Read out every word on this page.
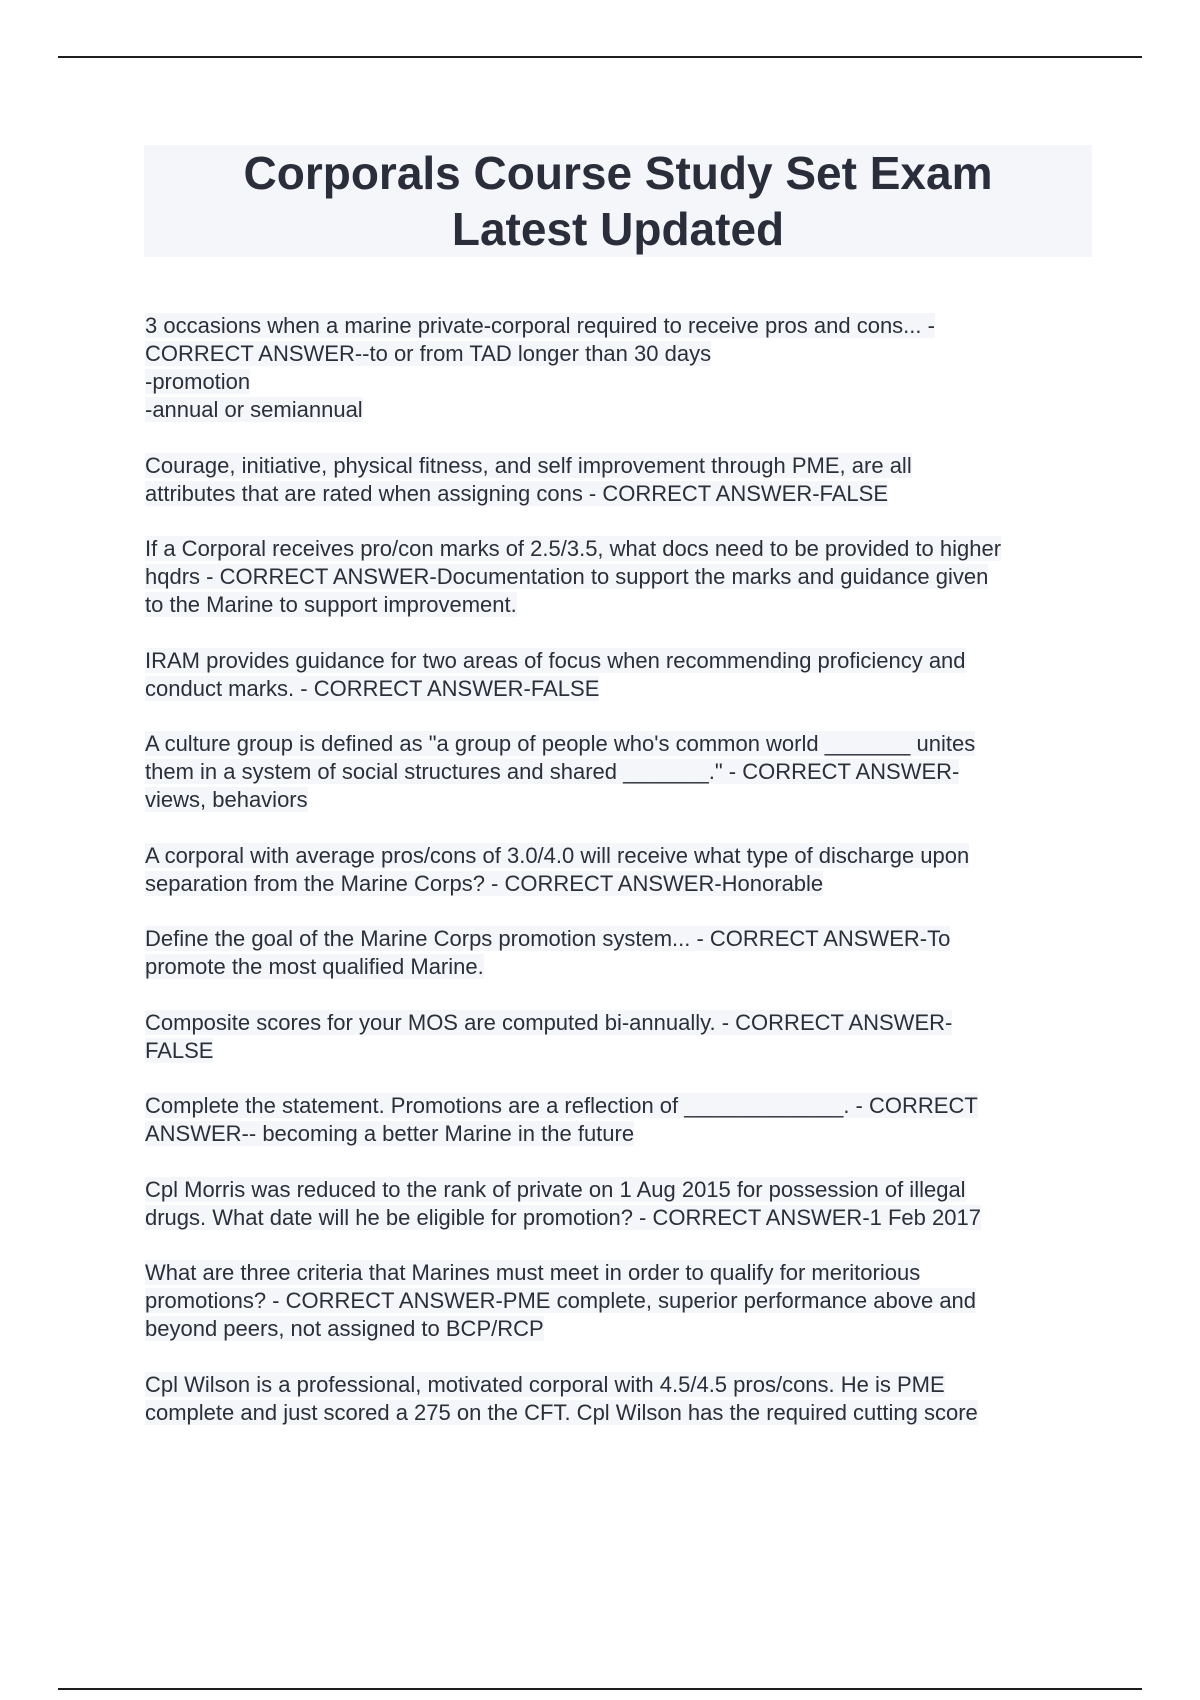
Corporals Course Study Set Exam
Latest Updated
3 occasions when a marine private-corporal required to receive pros and cons... -
CORRECT ANSWER--to or from TAD longer than 30 days
-promotion
-annual or semiannual
Courage, initiative, physical fitness, and self improvement through PME, are all
attributes that are rated when assigning cons - CORRECT ANSWER-FALSE
If a Corporal receives pro/con marks of 2.5/3.5, what docs need to be provided to higher
hqdrs - CORRECT ANSWER-Documentation to support the marks and guidance given
to the Marine to support improvement.
IRAM provides guidance for two areas of focus when recommending proficiency and
conduct marks. - CORRECT ANSWER-FALSE
A culture group is defined as "a group of people who's common world _______ unites
them in a system of social structures and shared _______." - CORRECT ANSWER-
views, behaviors
A corporal with average pros/cons of 3.0/4.0 will receive what type of discharge upon
separation from the Marine Corps? - CORRECT ANSWER-Honorable
Define the goal of the Marine Corps promotion system... - CORRECT ANSWER-To
promote the most qualified Marine.
Composite scores for your MOS are computed bi-annually. - CORRECT ANSWER-
FALSE
Complete the statement. Promotions are a reflection of _____________. - CORRECT
ANSWER-- becoming a better Marine in the future
Cpl Morris was reduced to the rank of private on 1 Aug 2015 for possession of illegal
drugs. What date will he be eligible for promotion? - CORRECT ANSWER-1 Feb 2017
What are three criteria that Marines must meet in order to qualify for meritorious
promotions? - CORRECT ANSWER-PME complete, superior performance above and
beyond peers, not assigned to BCP/RCP
Cpl Wilson is a professional, motivated corporal with 4.5/4.5 pros/cons. He is PME
complete and just scored a 275 on the CFT. Cpl Wilson has the required cutting score
